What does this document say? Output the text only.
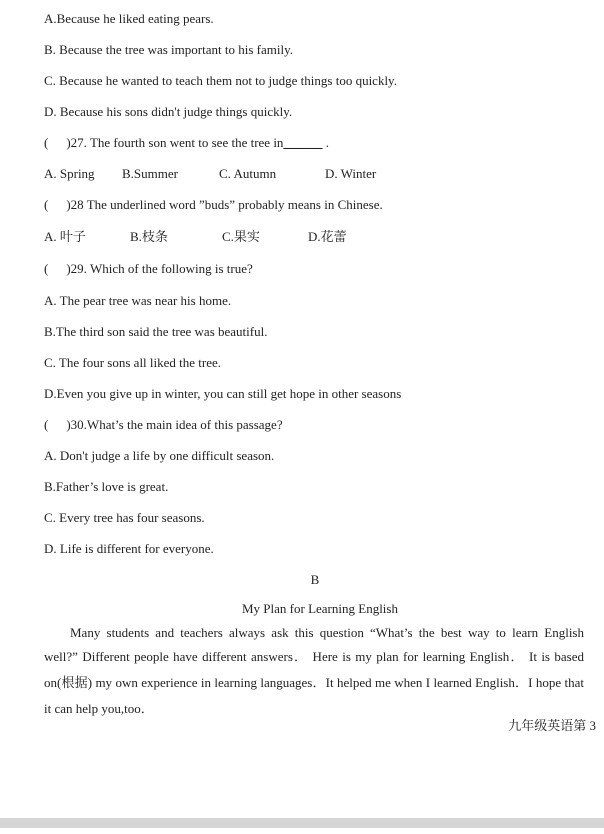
A.Because he liked eating pears.

B. Because the tree was important to his family.

C. Because he wanted to teach them not to judge things too quickly.

D. Because his sons didn't judge things quickly.

( )27. The fourth son went to see the tree in______ .

A. Spring B.Summer	C. Autumn	D. Winter

( )28 The underlined word ”buds” probably means in Chinese.

A. 叶子	B.枝条	C.果实	D.花蕾

( )29. Which of the following is true?

A. The pear tree was near his home.

B.The third son said the tree was beautiful.

C. The four sons all liked the tree.

D.Even you give up in winter, you can still get hope in other seasons

( )30.What’s the main idea of this passage?

A. Don't judge a life by one difficult season.

B.Father’s love is great.

C. Every tree has four seasons.

D. Life is different for everyone.

B
My Plan for Learning English

Many students and teachers always ask this question “What’s the best way to learn English

well?” Different people have different answers． Here is my plan for learning English． It is based

on(根据) my own experience in learning languages．It helped me when I learned English．I hope that

it can help you,too．

九年级英语第 3
